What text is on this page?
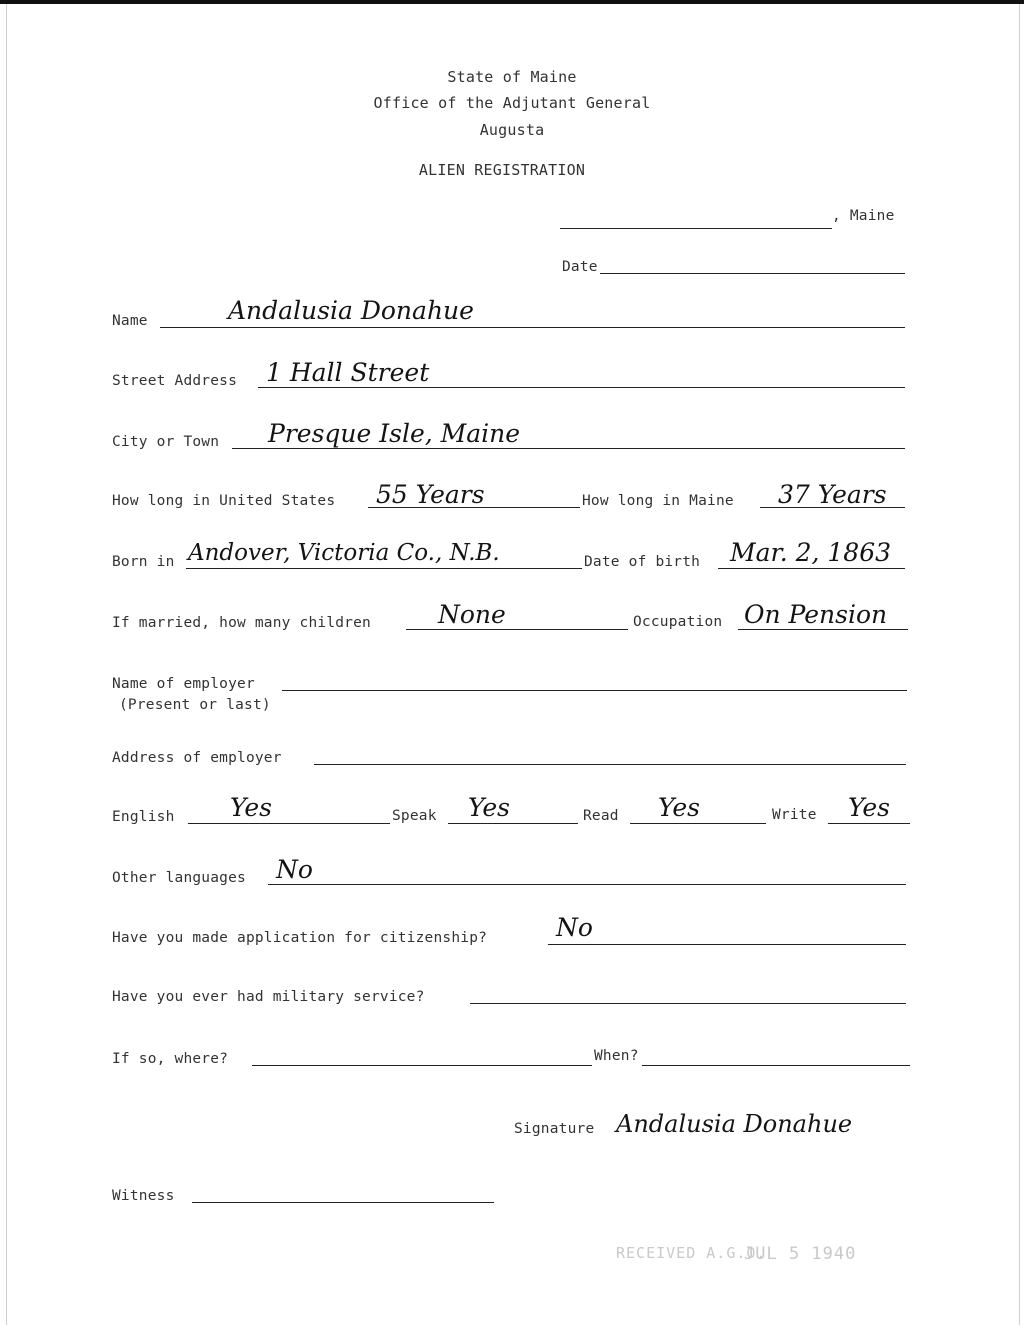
State of Maine
Office of the Adjutant General
Augusta
ALIEN REGISTRATION
, Maine
Date
Name	Andalusia Donahue
Street Address 1 Hall Street
City or Town Presque Isle, Maine
How long in United States 55 Years	How long in Maine 37 Years
Born in Andover, Victoria Co., N.B.	Date of birth Mar. 2, 1863
If married, how many children	None	Occupation On Pension
Name of employer
(Present or last)
Address of employer
English Yes	Speak Yes	Read Yes	Write Yes
Other languages No
Have you made application for citizenship?	No
Have you ever had military service?
If so, where?	When?
Signature Andalusia Donahue
Witness
RECEIVED A.G.O.
JUL 5 1940
